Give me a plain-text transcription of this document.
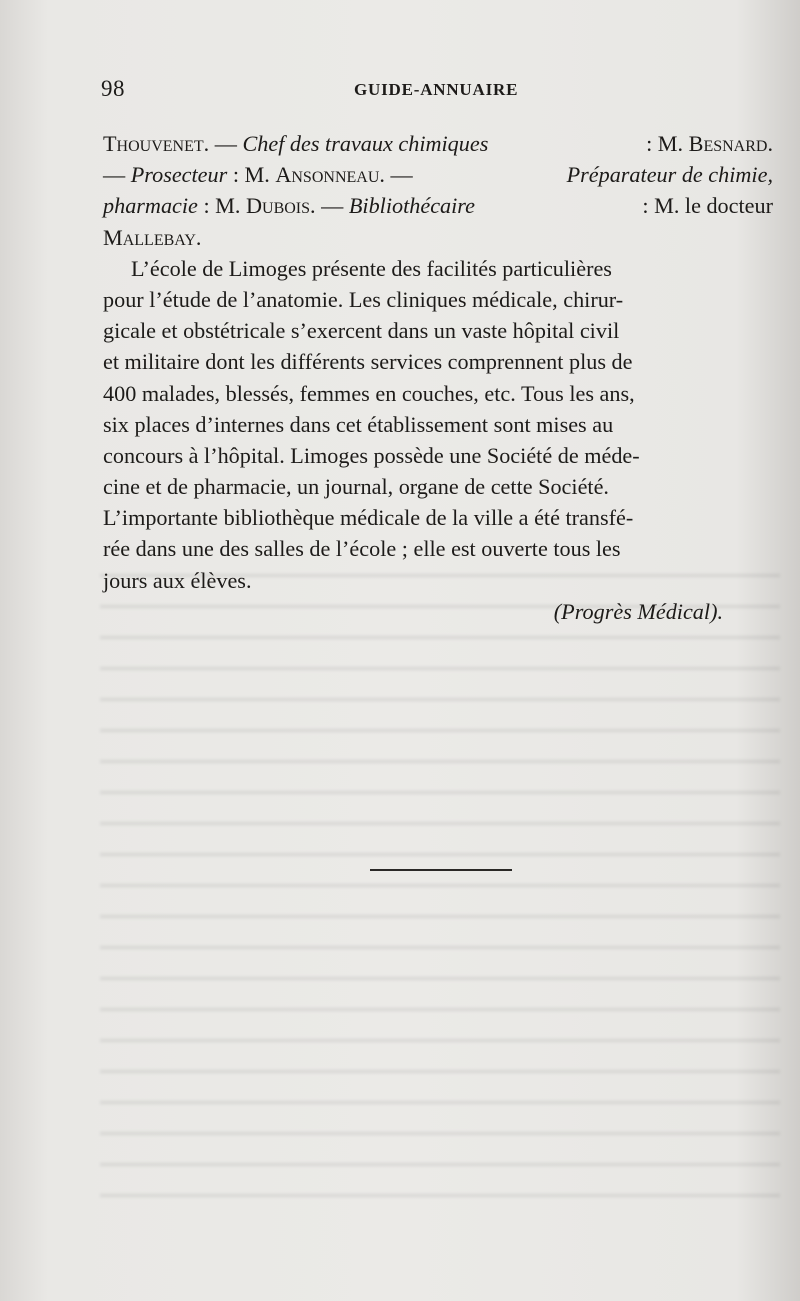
98	GUIDE-ANNUAIRE
Thouvenet. — Chef des travaux chimiques	: M. Besnard.
— Prosecteur : M. Ansonneau. —	Préparateur de chimie,
pharmacie : M. Dubois. — Bibliothécaire	: M. le docteur
Mallebay.
L’école de Limoges présente des facilités particulières
pour l’étude de l’anatomie. Les cliniques médicale, chirur-
gicale et obstétricale s’exercent dans un vaste hôpital civil
et militaire dont les différents services comprennent plus de
400 malades, blessés, femmes en couches, etc. Tous les ans,
six places d’internes dans cet établissement sont mises au
concours à l’hôpital. Limoges possède une Société de méde-
cine et de pharmacie, un journal, organe de cette Société.
L’importante bibliothèque médicale de la ville a été transfé-
rée dans une des salles de l’école ; elle est ouverte tous les
jours aux élèves.
(Progrès Médical).
